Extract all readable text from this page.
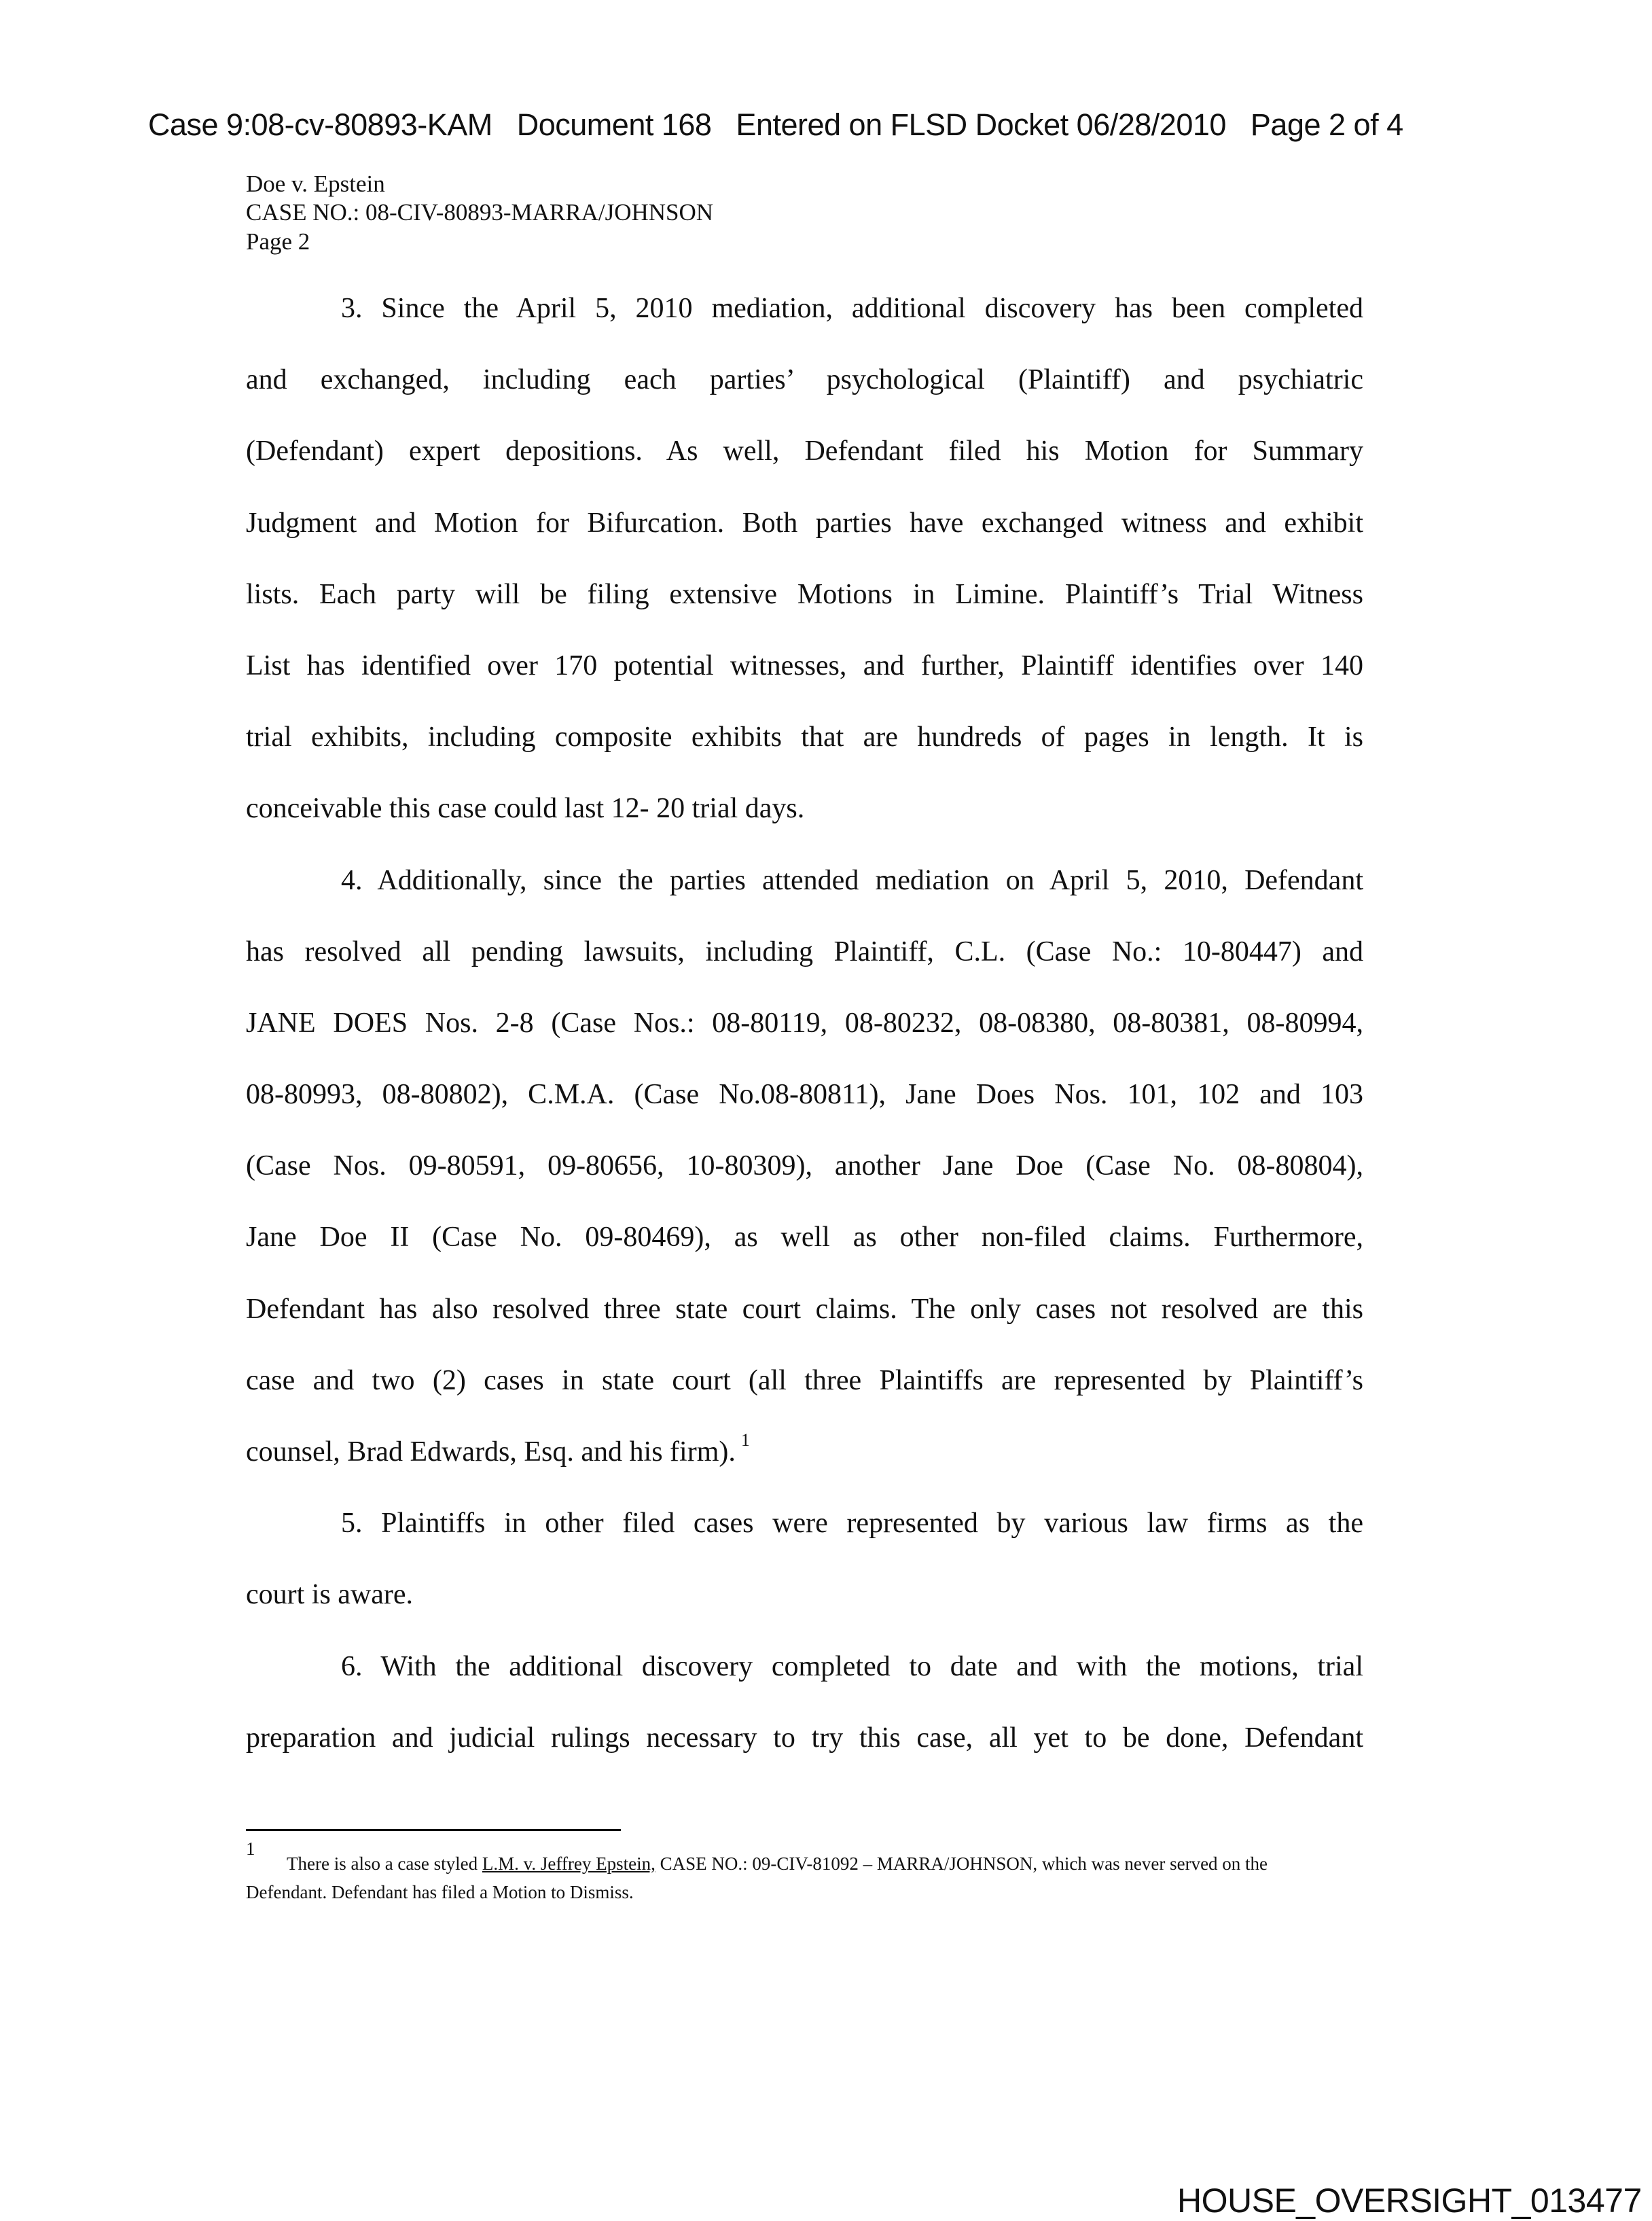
Case 9:08-cv-80893-KAM   Document 168   Entered on FLSD Docket 06/28/2010   Page 2 of 4
Doe v. Epstein
CASE NO.: 08-CIV-80893-MARRA/JOHNSON
Page 2
3. Since the April 5, 2010 mediation, additional discovery has been completed
and exchanged, including each parties’ psychological (Plaintiff) and psychiatric
(Defendant) expert depositions. As well, Defendant filed his Motion for Summary
Judgment and Motion for Bifurcation. Both parties have exchanged witness and exhibit
lists. Each party will be filing extensive Motions in Limine. Plaintiff’s Trial Witness
List has identified over 170 potential witnesses, and further, Plaintiff identifies over 140
trial exhibits, including composite exhibits that are hundreds of pages in length. It is
conceivable this case could last 12- 20 trial days.
4. Additionally, since the parties attended mediation on April 5, 2010, Defendant
has resolved all pending lawsuits, including Plaintiff, C.L. (Case No.: 10-80447) and
JANE DOES Nos. 2-8 (Case Nos.: 08-80119, 08-80232, 08-08380, 08-80381, 08-80994,
08-80993, 08-80802), C.M.A. (Case No.08-80811), Jane Does Nos. 101, 102 and 103
(Case Nos. 09-80591, 09-80656, 10-80309), another Jane Doe (Case No. 08-80804),
Jane Doe II (Case No. 09-80469), as well as other non-filed claims. Furthermore,
Defendant has also resolved three state court claims. The only cases not resolved are this
case and two (2) cases in state court (all three Plaintiffs are represented by Plaintiff’s
counsel, Brad Edwards, Esq. and his firm). $^1$
5. Plaintiffs in other filed cases were represented by various law firms as the
court is aware.
6. With the additional discovery completed to date and with the motions, trial
preparation and judicial rulings necessary to try this case, all yet to be done, Defendant
1
There is also a case styled L.M. v. Jeffrey Epstein, CASE NO.: 09-CIV-81092 – MARRA/JOHNSON, which was never served on the Defendant. Defendant has filed a Motion to Dismiss.
HOUSE_OVERSIGHT_013477
